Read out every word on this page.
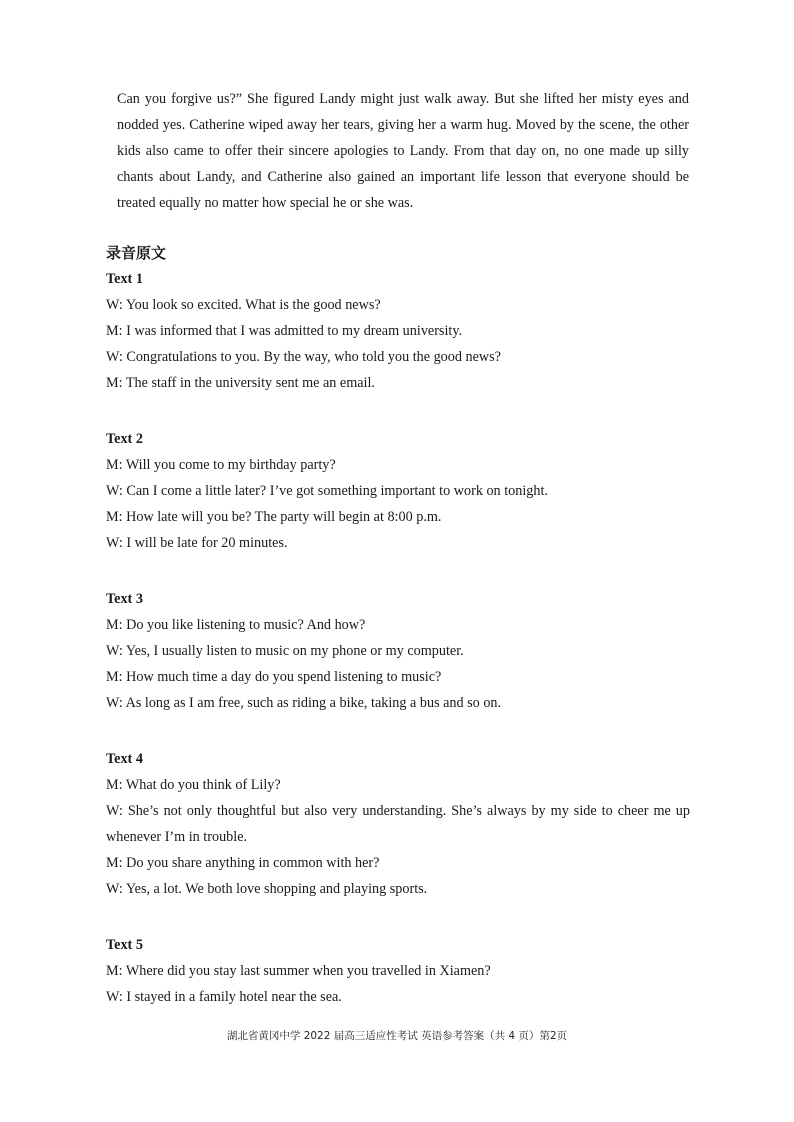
Can you forgive us?” She figured Landy might just walk away. But she lifted her misty eyes and nodded yes. Catherine wiped away her tears, giving her a warm hug. Moved by the scene, the other kids also came to offer their sincere apologies to Landy. From that day on, no one made up silly chants about Landy, and Catherine also gained an important life lesson that everyone should be treated equally no matter how special he or she was.

录音原文
Text 1
W: You look so excited. What is the good news?
M: I was informed that I was admitted to my dream university.
W: Congratulations to you. By the way, who told you the good news?
M: The staff in the university sent me an email.
Text 2
M: Will you come to my birthday party?
W: Can I come a little later? I’ve got something important to work on tonight.
M: How late will you be? The party will begin at 8:00 p.m.
W: I will be late for 20 minutes.
Text 3
M: Do you like listening to music? And how?
W: Yes, I usually listen to music on my phone or my computer.
M: How much time a day do you spend listening to music?
W: As long as I am free, such as riding a bike, taking a bus and so on.
Text 4
M: What do you think of Lily?
W: She’s not only thoughtful but also very understanding. She’s always by my side to cheer me up whenever I’m in trouble.
M: Do you share anything in common with her?
W: Yes, a lot. We both love shopping and playing sports.
Text 5
M: Where did you stay last summer when you travelled in Xiamen?
W: I stayed in a family hotel near the sea.
湖北省黄冈中学 2022 届高三适应性考试 英语参考答案（共 4 页）第2页
